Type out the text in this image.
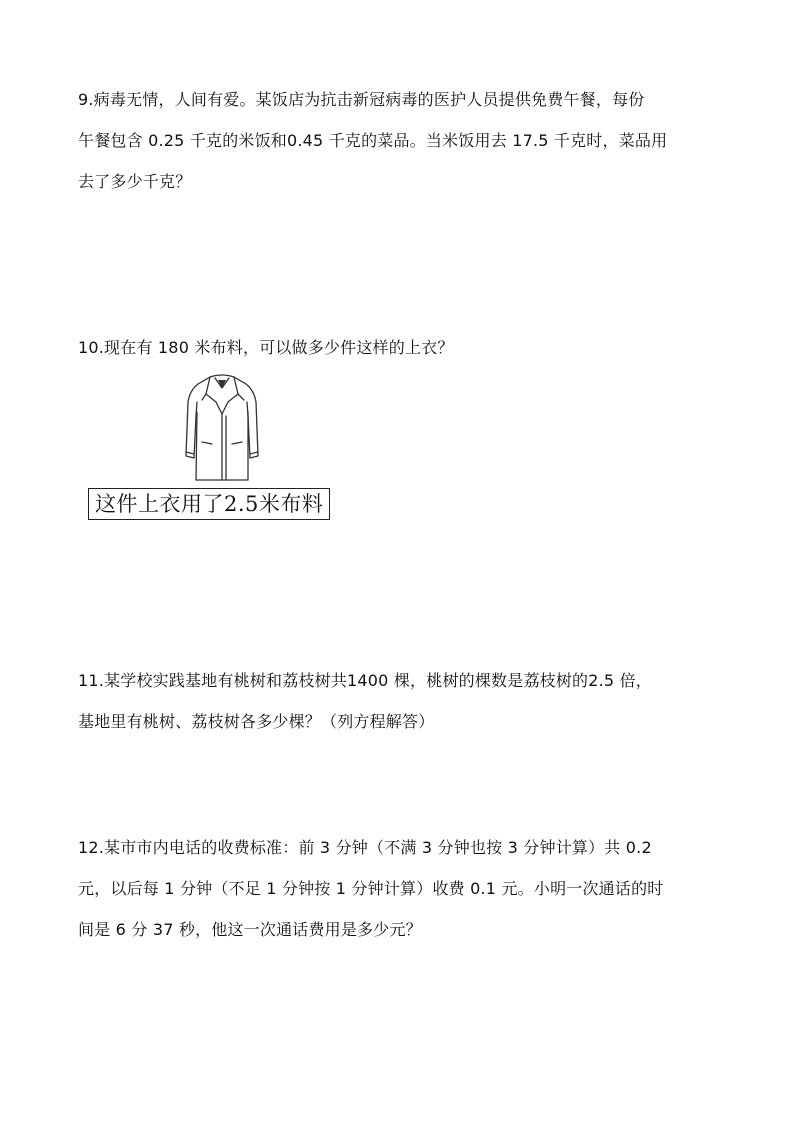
9.病毒无情，人间有爱。某饭店为抗击新冠病毒的医护人员提供免费午餐，每份

午餐包含 0.25 千克的米饭和0.45 千克的菜品。当米饭用去 17.5 千克时，菜品用

去了多少千克？

10.现在有 180 米布料，可以做多少件这样的上衣？

这件上衣用了2.5米布料

11.某学校实践基地有桃树和荔枝树共1400 棵，桃树的棵数是荔枝树的2.5 倍，

基地里有桃树、荔枝树各多少棵？（列方程解答）

12.某市市内电话的收费标准：前 3 分钟（不满 3 分钟也按 3 分钟计算）共 0.2

元，以后每 1 分钟（不足 1 分钟按 1 分钟计算）收费 0.1 元。小明一次通话的时

间是 6 分 37 秒，他这一次通话费用是多少元？
